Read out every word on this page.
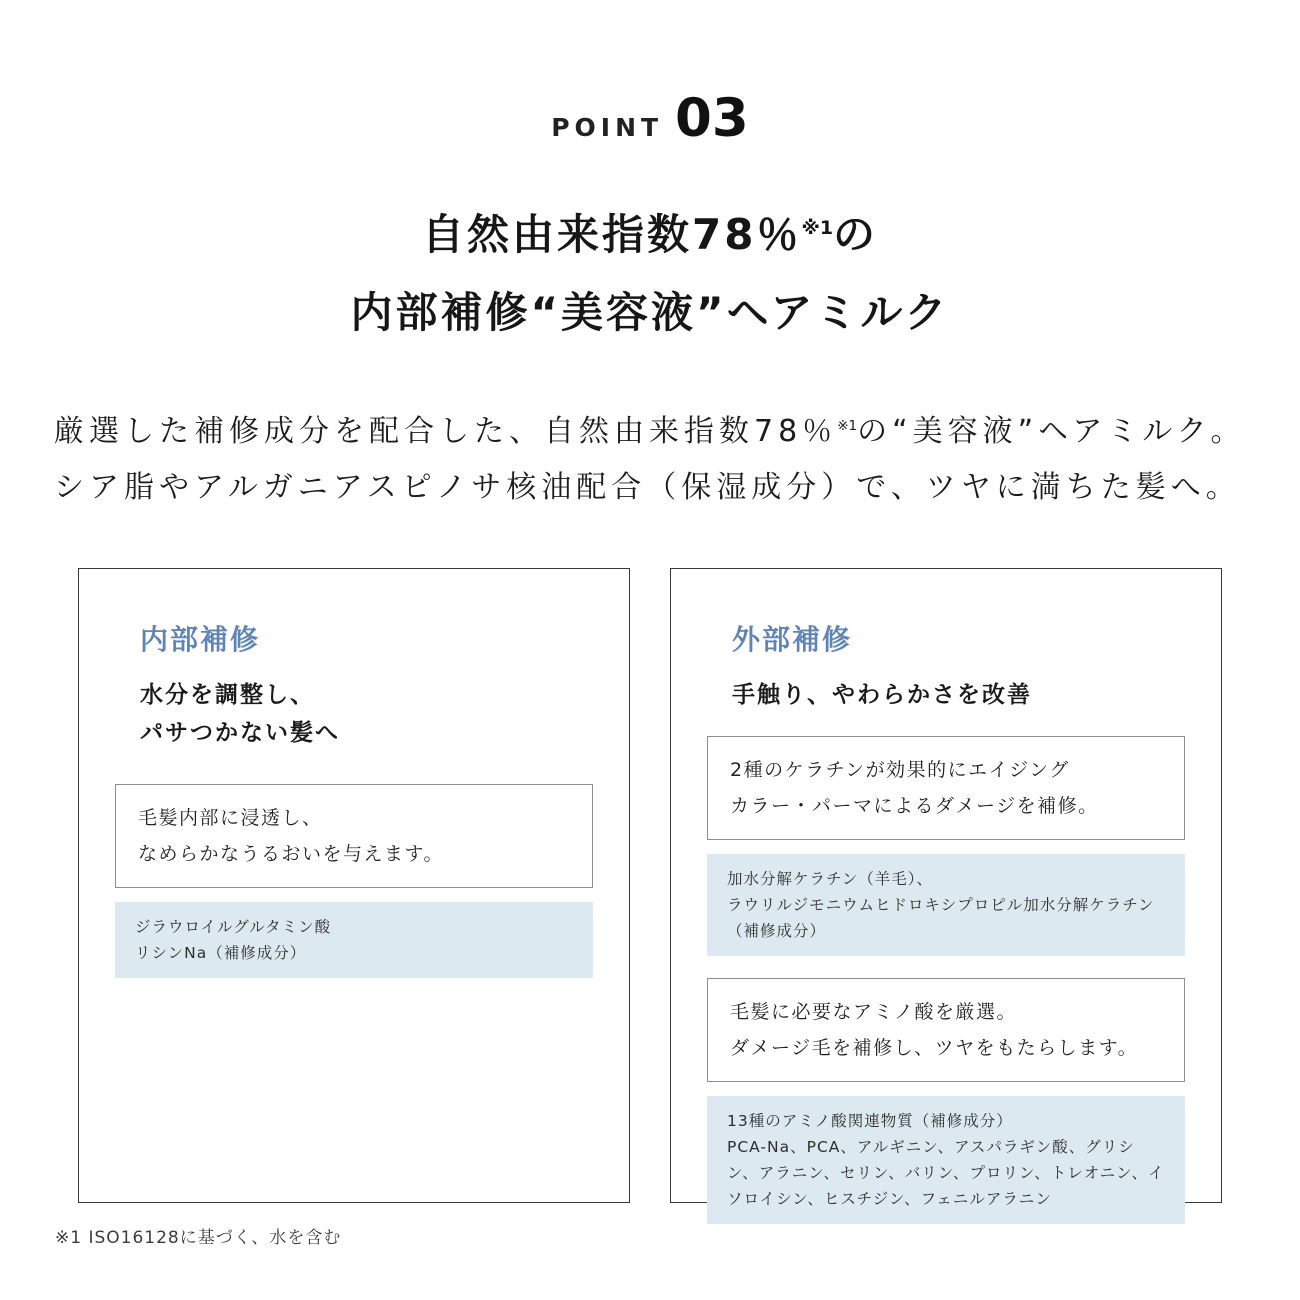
POINT 03
自然由来指数78％$^{※1}$の
内部補修“美容液”ヘアミルク

厳選した補修成分を配合した、自然由来指数78％$^{※1}$の“美容液”ヘアミルク。
シア脂やアルガニアスピノサ核油配合（保湿成分）で、ツヤに満ちた髪へ。

内部補修
水分を調整し、
パサつかない髪へ
毛髪内部に浸透し、
なめらかなうるおいを与えます。
ジラウロイルグルタミン酸
リシンNa（補修成分）
外部補修
手触り、やわらかさを改善
2種のケラチンが効果的にエイジング
カラー・パーマによるダメージを補修。
加水分解ケラチン（羊毛）、
ラウリルジモニウムヒドロキシプロピル加水分解ケラチン
（補修成分）
毛髪に必要なアミノ酸を厳選。
ダメージ毛を補修し、ツヤをもたらします。
13種のアミノ酸関連物質（補修成分）
PCA-Na、PCA、アルギニン、アスパラギン酸、グリシン、アラニン、セリン、バリン、プロリン、トレオニン、イソロイシン、ヒスチジン、フェニルアラニン

※1 ISO16128に基づく、水を含む
